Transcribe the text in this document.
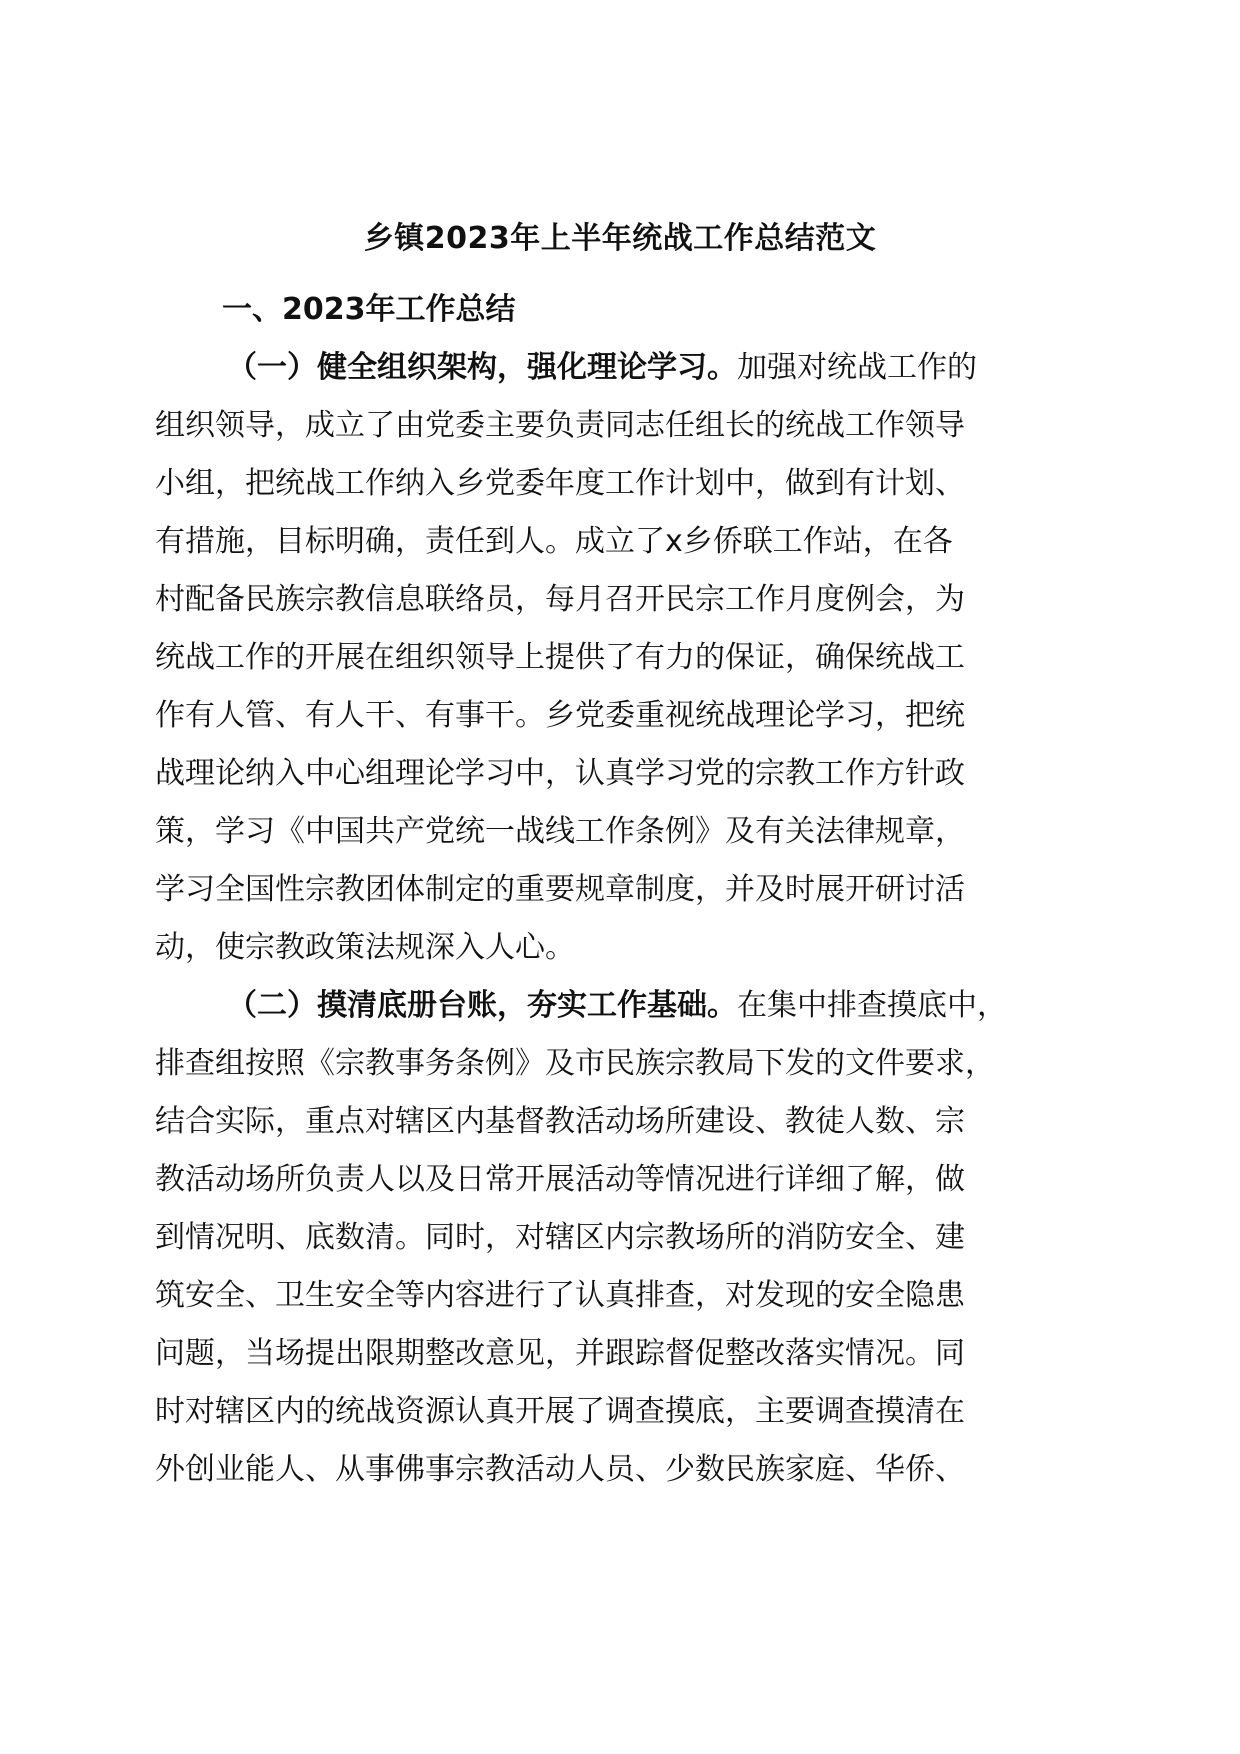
乡镇2023年上半年统战工作总结范文
一、2023年工作总结
（一）健全组织架构，强化理论学习。加强对统战工作的
组织领导，成立了由党委主要负责同志任组长的统战工作领导
小组，把统战工作纳入乡党委年度工作计划中，做到有计划、
有措施，目标明确，责任到人。成立了x乡侨联工作站，在各
村配备民族宗教信息联络员，每月召开民宗工作月度例会，为
统战工作的开展在组织领导上提供了有力的保证，确保统战工
作有人管、有人干、有事干。乡党委重视统战理论学习，把统
战理论纳入中心组理论学习中，认真学习党的宗教工作方针政
策，学习《中国共产党统一战线工作条例》及有关法律规章，
学习全国性宗教团体制定的重要规章制度，并及时展开研讨活
动，使宗教政策法规深入人心。
（二）摸清底册台账，夯实工作基础。在集中排查摸底中，
排查组按照《宗教事务条例》及市民族宗教局下发的文件要求，
结合实际，重点对辖区内基督教活动场所建设、教徒人数、宗
教活动场所负责人以及日常开展活动等情况进行详细了解，做
到情况明、底数清。同时，对辖区内宗教场所的消防安全、建
筑安全、卫生安全等内容进行了认真排查，对发现的安全隐患
问题，当场提出限期整改意见，并跟踪督促整改落实情况。同
时对辖区内的统战资源认真开展了调查摸底，主要调查摸清在
外创业能人、从事佛事宗教活动人员、少数民族家庭、华侨、
